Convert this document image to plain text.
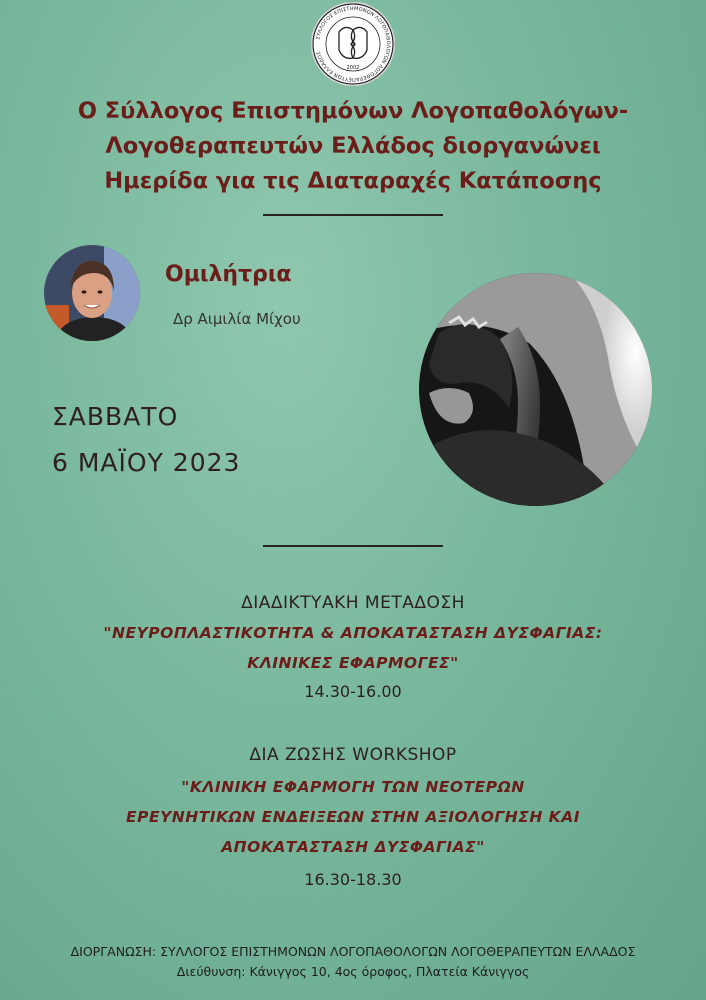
2002
ΣΥΛΛΟΓΟΣ ΕΠΙΣΤΗΜΟΝΩΝ ΛΟΓΟΠΑΘΟΛΟΓΩΝ ΛΟΓΟΘΕΡΑΠΕΥΤΩΝ ΕΛΛΑΔΟΣ
Ο Σύλλογος Επιστημόνων Λογοπαθολόγων-
Λογοθεραπευτών Ελλάδος διοργανώνει
Ημερίδα για τις Διαταραχές Κατάποσης
Ομιλήτρια
Δρ Αιμιλία Μίχου
ΣΑΒΒΑΤΟ
6 ΜΑΪΟΥ 2023
ΔΙΑΔΙΚΤΥΑΚΗ ΜΕΤΑΔΟΣΗ
"ΝΕΥΡΟΠΛΑΣΤΙΚΟΤΗΤΑ & ΑΠΟΚΑΤΑΣΤΑΣΗ ΔΥΣΦΑΓΙΑΣ:
ΚΛΙΝΙΚΕΣ ΕΦΑΡΜΟΓΕΣ"
14.30-16.00
ΔΙΑ ΖΩΣΗΣ WORKSHOP
"ΚΛΙΝΙΚΗ ΕΦΑΡΜΟΓΗ ΤΩΝ ΝΕΟΤΕΡΩΝ
ΕΡΕΥΝΗΤΙΚΩΝ ΕΝΔΕΙΞΕΩΝ ΣΤΗΝ ΑΞΙΟΛΟΓΗΣΗ ΚΑΙ
ΑΠΟΚΑΤΑΣΤΑΣΗ ΔΥΣΦΑΓΙΑΣ"
16.30-18.30
ΔΙΟΡΓΑΝΩΣΗ: ΣΥΛΛΟΓΟΣ ΕΠΙΣΤΗΜΟΝΩΝ ΛΟΓΟΠΑΘΟΛΟΓΩΝ ΛΟΓΟΘΕΡΑΠΕΥΤΩΝ ΕΛΛΑΔΟΣ
Διεύθυνση: Κάνιγγος 10, 4ος όροφος, Πλατεία Κάνιγγος
